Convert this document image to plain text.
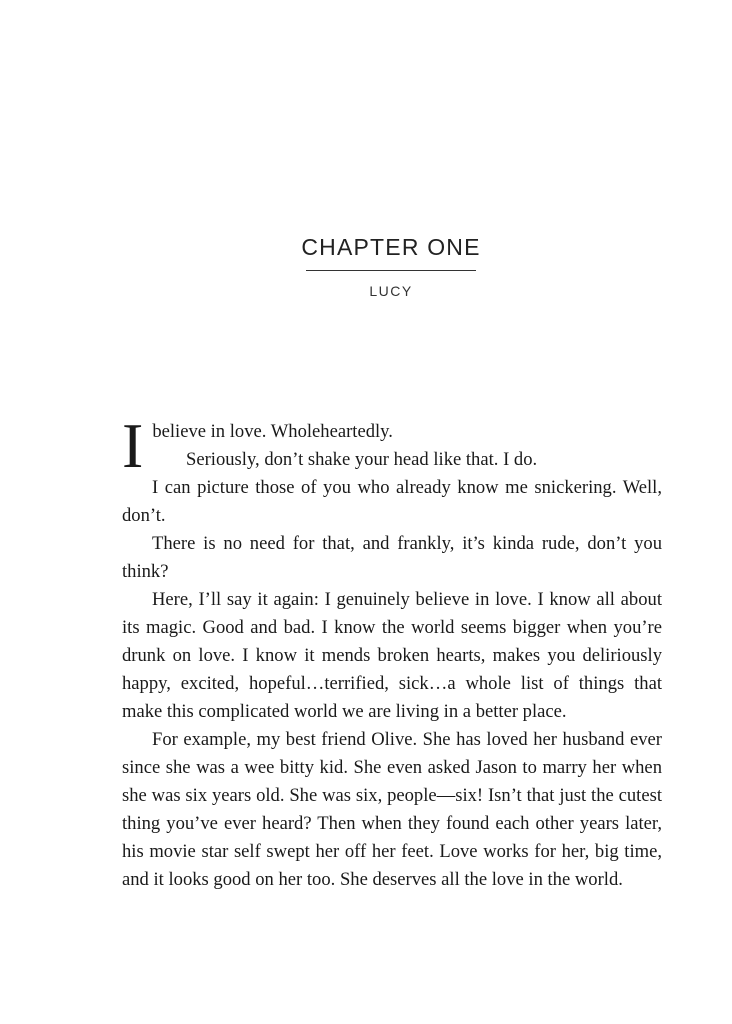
CHAPTER ONE
LUCY
I believe in love. Wholeheartedly.

Seriously, don’t shake your head like that. I do.

I can picture those of you who already know me snickering. Well, don’t.

There is no need for that, and frankly, it’s kinda rude, don’t you think?

Here, I’ll say it again: I genuinely believe in love. I know all about its magic. Good and bad. I know the world seems bigger when you’re drunk on love. I know it mends broken hearts, makes you deliriously happy, excited, hopeful…terrified, sick…a whole list of things that make this complicated world we are living in a better place.

For example, my best friend Olive. She has loved her husband ever since she was a wee bitty kid. She even asked Jason to marry her when she was six years old. She was six, people—six! Isn’t that just the cutest thing you’ve ever heard? Then when they found each other years later, his movie star self swept her off her feet. Love works for her, big time, and it looks good on her too. She deserves all the love in the world.
